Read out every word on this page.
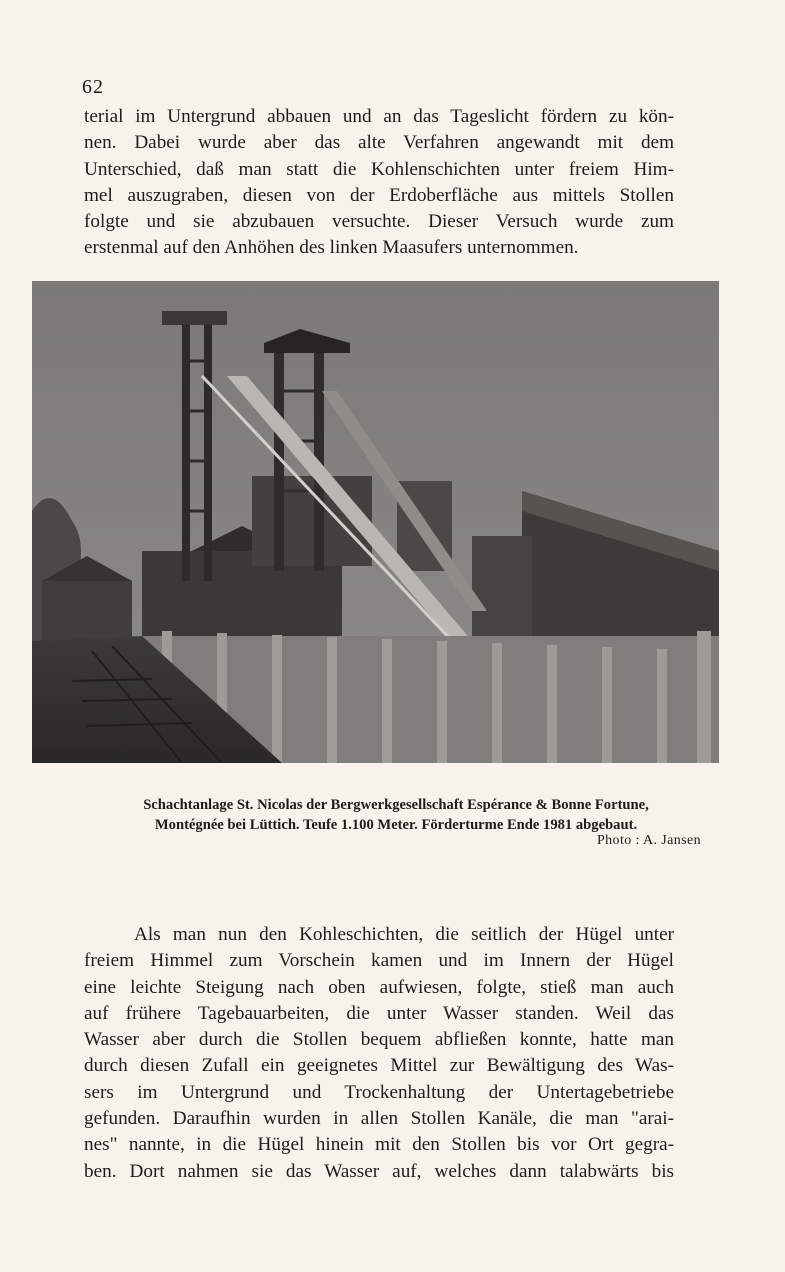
62
terial im Untergrund abbauen und an das Tageslicht fördern zu kön-
nen. Dabei wurde aber das alte Verfahren angewandt mit dem
Unterschied, daß man statt die Kohlenschichten unter freiem Him-
mel auszugraben, diesen von der Erdoberfläche aus mittels Stollen
folgte und sie abzubauen versuchte. Dieser Versuch wurde zum
erstenmal auf den Anhöhen des linken Maasufers unternommen.
Schachtanlage St. Nicolas der Bergwerkgesellschaft Espérance & Bonne Fortune,
Montégnée bei Lüttich. Teufe 1.100 Meter. Förderturme Ende 1981 abgebaut.
Photo : A. Jansen
Als man nun den Kohleschichten, die seitlich der Hügel unter
freiem Himmel zum Vorschein kamen und im Innern der Hügel
eine leichte Steigung nach oben aufwiesen, folgte, stieß man auch
auf frühere Tagebauarbeiten, die unter Wasser standen. Weil das
Wasser aber durch die Stollen bequem abfließen konnte, hatte man
durch diesen Zufall ein geeignetes Mittel zur Bewältigung des Was-
sers im Untergrund und Trockenhaltung der Untertagebetriebe
gefunden. Daraufhin wurden in allen Stollen Kanäle, die man "arai-
nes" nannte, in die Hügel hinein mit den Stollen bis vor Ort gegra-
ben. Dort nahmen sie das Wasser auf, welches dann talabwärts bis
